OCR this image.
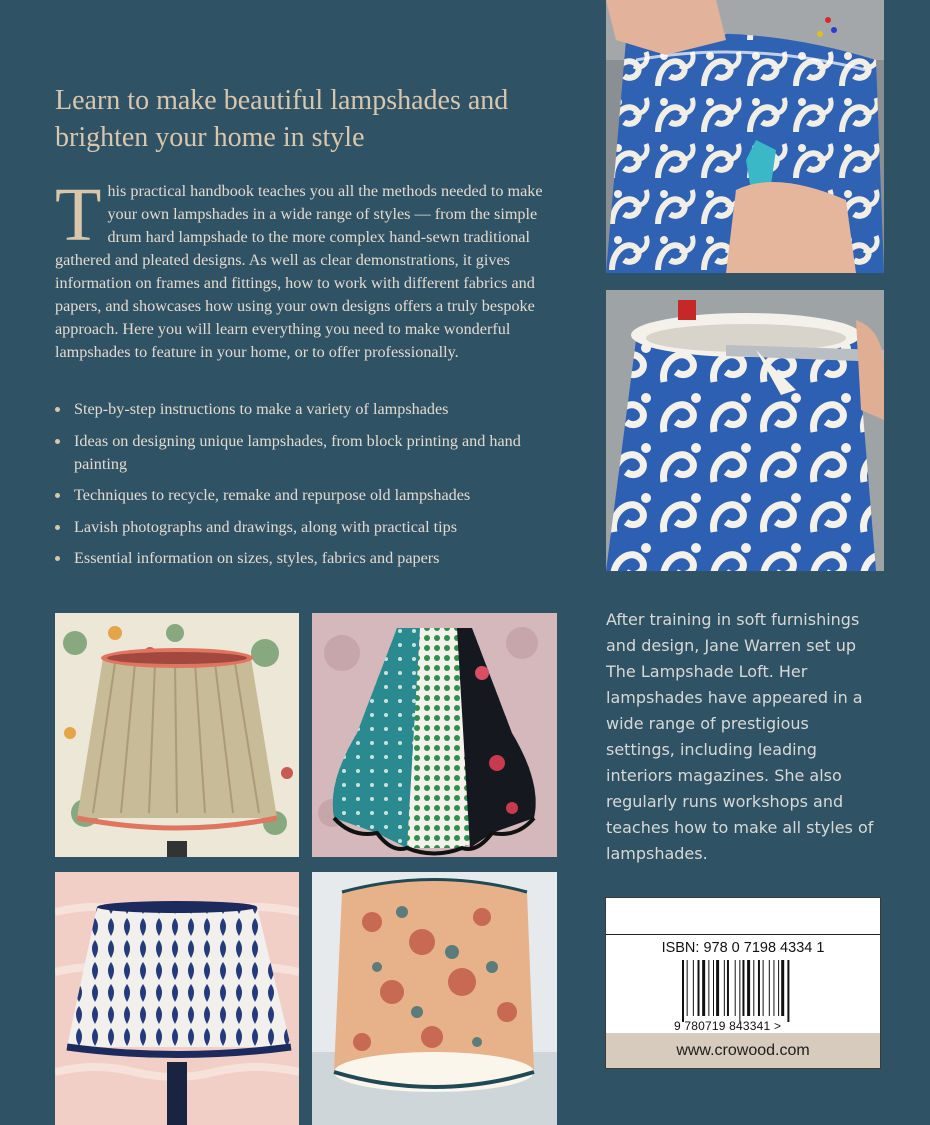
Learn to make beautiful lampshades and brighten your home in style

This practical handbook teaches you all the methods needed to make your own lampshades in a wide range of styles — from the simple drum hard lampshade to the more complex hand-sewn traditional gathered and pleated designs. As well as clear demonstrations, it gives information on frames and fittings, how to work with different fabrics and papers, and showcases how using your own designs offers a truly bespoke approach. Here you will learn everything you need to make wonderful lampshades to feature in your home, or to offer professionally.

Step-by-step instructions to make a variety of lampshades
Ideas on designing unique lampshades, from block printing and hand painting
Techniques to recycle, remake and repurpose old lampshades
Lavish photographs and drawings, along with practical tips
Essential information on sizes, styles, fabrics and papers

After training in soft furnishings and design, Jane Warren set up The Lampshade Loft. Her lampshades have appeared in a wide range of prestigious settings, including leading interiors magazines. She also regularly runs workshops and teaches how to make all styles of lampshades.

ISBN: 978 0 7198 4334 1
9 780719 843341 >
www.crowood.com
